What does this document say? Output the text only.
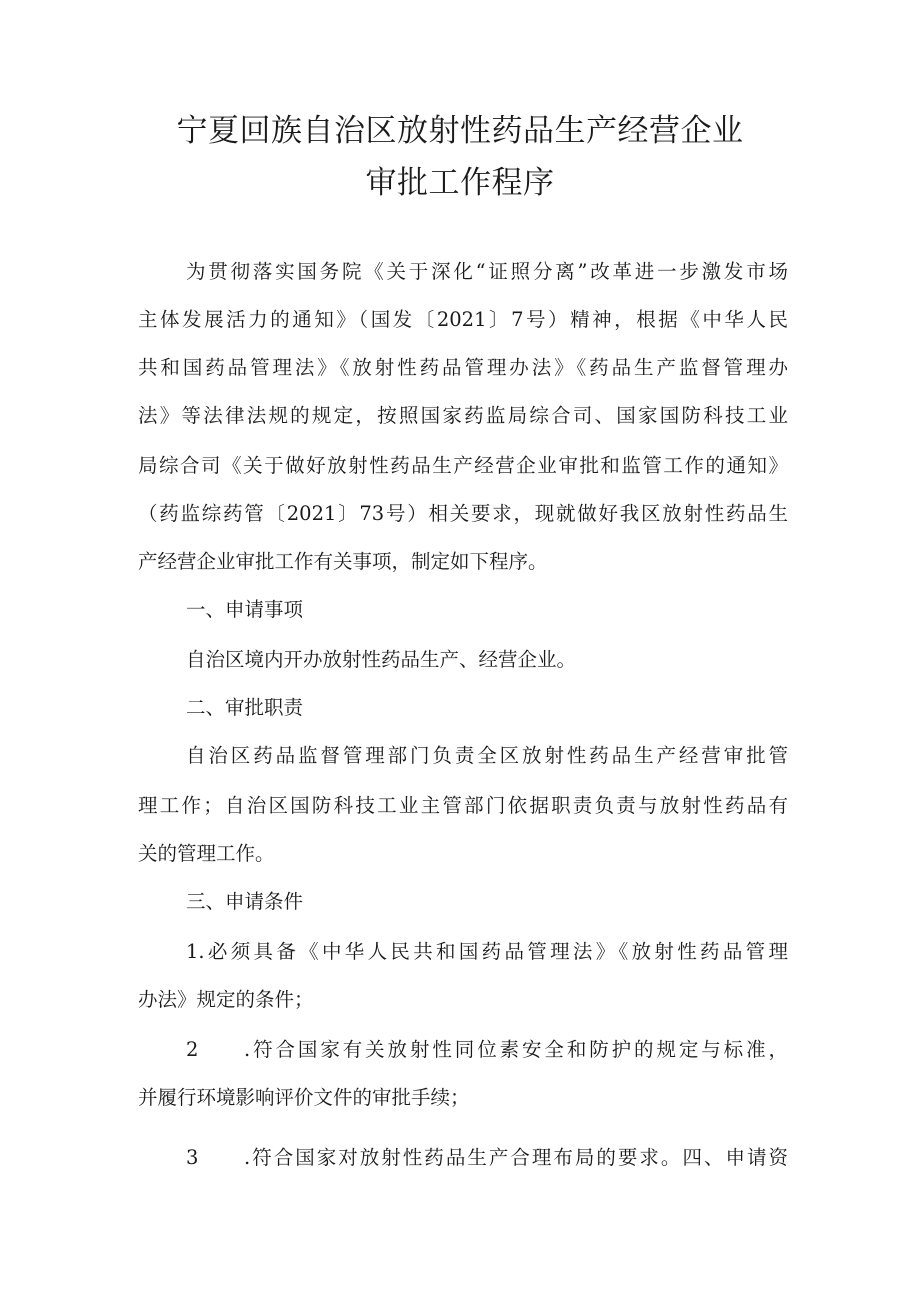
宁夏回族自治区放射性药品生产经营企业
审批工作程序
为贯彻落实国务院《关于深化“证照分离”改革进一步激发市场
主体发展活力的通知》（国发〔2021〕7号）精神，根据《中华人民
共和国药品管理法》《放射性药品管理办法》《药品生产监督管理办
法》等法律法规的规定，按照国家药监局综合司、国家国防科技工业
局综合司《关于做好放射性药品生产经营企业审批和监管工作的通知》
（药监综药管〔2021〕73号）相关要求，现就做好我区放射性药品生
产经营企业审批工作有关事项，制定如下程序。
一、申请事项
自治区境内开办放射性药品生产、经营企业。
二、审批职责
自治区药品监督管理部门负责全区放射性药品生产经营审批管
理工作；自治区国防科技工业主管部门依据职责负责与放射性药品有
关的管理工作。
三、申请条件
1.必须具备《中华人民共和国药品管理法》《放射性药品管理
办法》规定的条件；
2 .符合国家有关放射性同位素安全和防护的规定与标准，
并履行环境影响评价文件的审批手续；
3 .符合国家对放射性药品生产合理布局的要求。四、申请资
